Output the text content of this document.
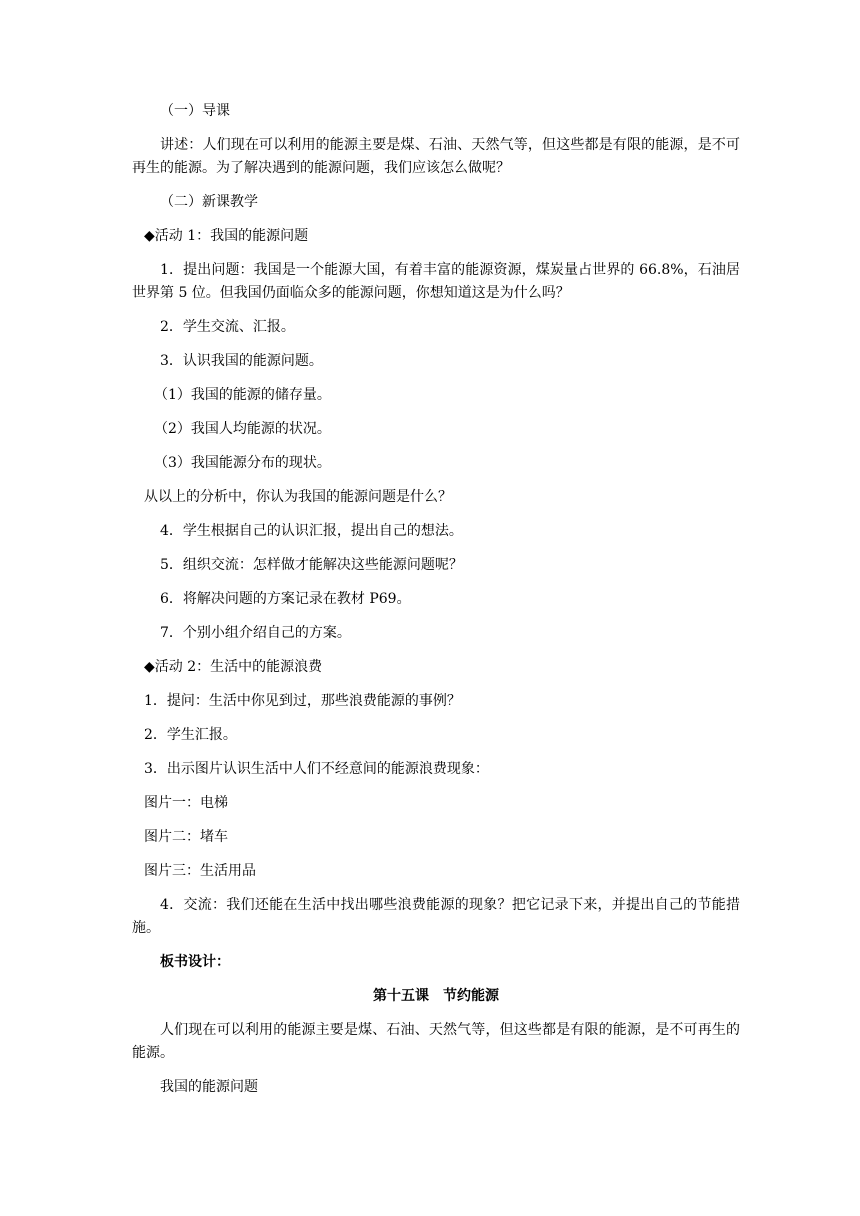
（一）导课

讲述：人们现在可以利用的能源主要是煤、石油、天然气等，但这些都是有限的能源，是不可再生的能源。为了解决遇到的能源问题，我们应该怎么做呢？

（二）新课教学

◆活动 1：我国的能源问题

1．提出问题：我国是一个能源大国，有着丰富的能源资源，煤炭量占世界的 66.8%，石油居世界第 5 位。但我国仍面临众多的能源问题，你想知道这是为什么吗？

2．学生交流、汇报。

3．认识我国的能源问题。

（1）我国的能源的储存量。

（2）我国人均能源的状况。

（3）我国能源分布的现状。

从以上的分析中，你认为我国的能源问题是什么？

4．学生根据自己的认识汇报，提出自己的想法。

5．组织交流：怎样做才能解决这些能源问题呢？

6．将解决问题的方案记录在教材 P69。

7．个别小组介绍自己的方案。

◆活动 2：生活中的能源浪费

1．提问：生活中你见到过，那些浪费能源的事例？

2．学生汇报。

3．出示图片认识生活中人们不经意间的能源浪费现象：

图片一：电梯

图片二：堵车

图片三：生活用品

4．交流：我们还能在生活中找出哪些浪费能源的现象？把它记录下来，并提出自己的节能措施。

板书设计：

第十五课　节约能源

人们现在可以利用的能源主要是煤、石油、天然气等，但这些都是有限的能源，是不可再生的能源。

我国的能源问题
